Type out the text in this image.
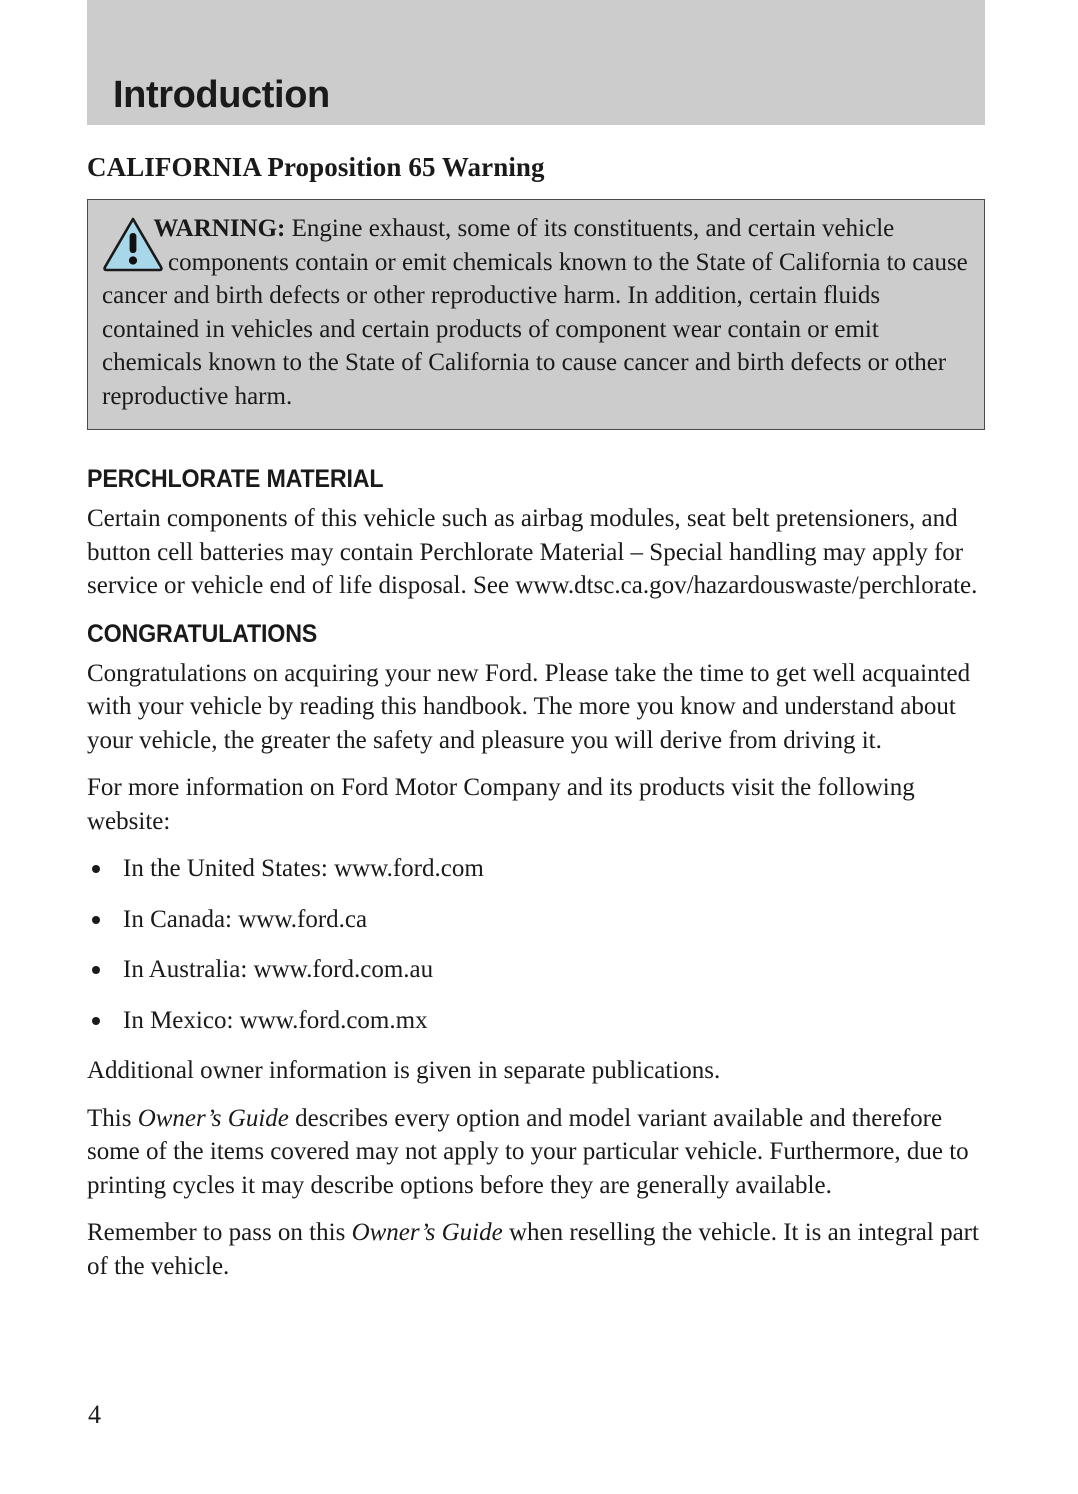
Introduction
CALIFORNIA Proposition 65 Warning

WARNING: Engine exhaust, some of its constituents, and certain vehicle components contain or emit chemicals known to the State of California to cause cancer and birth defects or other reproductive harm. In addition, certain fluids contained in vehicles and certain products of component wear contain or emit chemicals known to the State of California to cause cancer and birth defects or other reproductive harm.

PERCHLORATE MATERIAL

Certain components of this vehicle such as airbag modules, seat belt pretensioners, and button cell batteries may contain Perchlorate Material – Special handling may apply for service or vehicle end of life disposal. See www.dtsc.ca.gov/hazardouswaste/perchlorate.

CONGRATULATIONS

Congratulations on acquiring your new Ford. Please take the time to get well acquainted with your vehicle by reading this handbook. The more you know and understand about your vehicle, the greater the safety and pleasure you will derive from driving it.

For more information on Ford Motor Company and its products visit the following website:

In the United States: www.ford.com
In Canada: www.ford.ca
In Australia: www.ford.com.au
In Mexico: www.ford.com.mx

Additional owner information is given in separate publications.

This Owner’s Guide describes every option and model variant available and therefore some of the items covered may not apply to your particular vehicle. Furthermore, due to printing cycles it may describe options before they are generally available.

Remember to pass on this Owner’s Guide when reselling the vehicle. It is an integral part of the vehicle.

4
